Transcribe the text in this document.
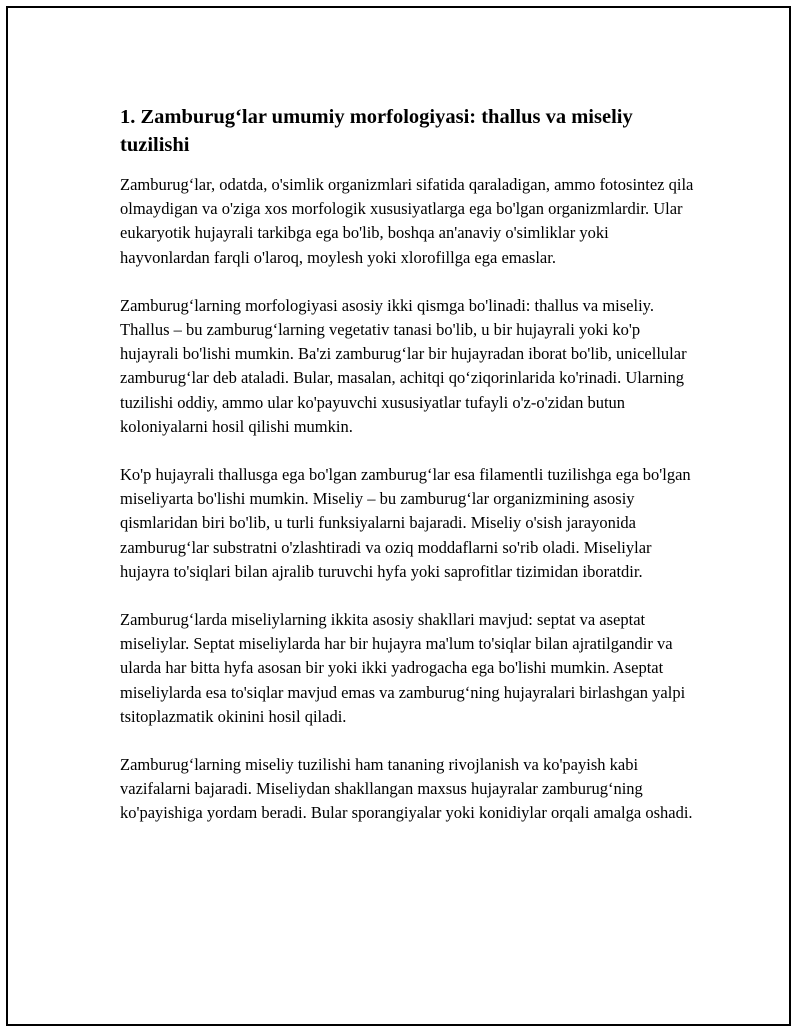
1. Zamburug‘lar umumiy morfologiyasi: thallus va miseliy tuzilishi

Zamburug‘lar, odatda, o'simlik organizmlari sifatida qaraladigan, ammo fotosintez qila olmaydigan va o'ziga xos morfologik xususiyatlarga ega bo'lgan organizmlardir. Ular eukaryotik hujayrali tarkibga ega bo'lib, boshqa an'anaviy o'simliklar yoki hayvonlardan farqli o'laroq, moylesh yoki xlorofillga ega emaslar.

Zamburug‘larning morfologiyasi asosiy ikki qismga bo'linadi: thallus va miseliy. Thallus – bu zamburug‘larning vegetativ tanasi bo'lib, u bir hujayrali yoki ko'p hujayrali bo'lishi mumkin. Ba'zi zamburug‘lar bir hujayradan iborat bo'lib, unicellular zamburug‘lar deb ataladi. Bular, masalan, achitqi qo‘ziqorinlarida ko'rinadi. Ularning tuzilishi oddiy, ammo ular ko'payuvchi xususiyatlar tufayli o'z-o'zidan butun koloniyalarni hosil qilishi mumkin.

Ko'p hujayrali thallusga ega bo'lgan zamburug‘lar esa filamentli tuzilishga ega bo'lgan miseliyarta bo'lishi mumkin. Miseliy – bu zamburug‘lar organizmining asosiy qismlaridan biri bo'lib, u turli funksiyalarni bajaradi. Miseliy o'sish jarayonida zamburug‘lar substratni o'zlashtiradi va oziq moddaflarni so'rib oladi. Miseliylar hujayra to'siqlari bilan ajralib turuvchi hyfa yoki saprofitlar tizimidan iboratdir.

Zamburug‘larda miseliylarning ikkita asosiy shakllari mavjud: septat va aseptat miseliylar. Septat miseliylarda har bir hujayra ma'lum to'siqlar bilan ajratilgandir va ularda har bitta hyfa asosan bir yoki ikki yadrogacha ega bo'lishi mumkin. Aseptat miseliylarda esa to'siqlar mavjud emas va zamburug‘ning hujayralari birlashgan yalpi tsitoplazmatik okinini hosil qiladi.

Zamburug‘larning miseliy tuzilishi ham tananing rivojlanish va ko'payish kabi vazifalarni bajaradi. Miseliydan shakllangan maxsus hujayralar zamburug‘ning ko'payishiga yordam beradi. Bular sporangiyalar yoki konidiylar orqali amalga oshadi.
